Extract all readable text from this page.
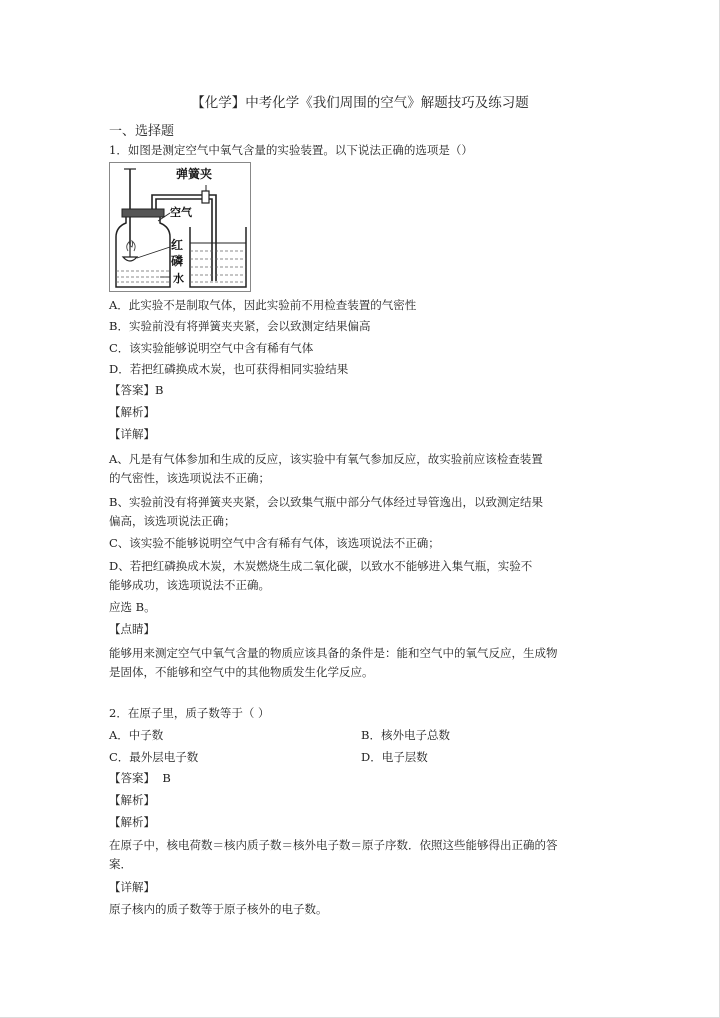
【化学】中考化学《我们周围的空气》解题技巧及练习题
一、选择题
1．如图是测定空气中氧气含量的实验装置。以下说法正确的选项是（）
弹簧夹
空气
红
磷
水
A．此实验不是制取气体，因此实验前不用检查装置的气密性
B．实验前没有将弹簧夹夹紧，会以致测定结果偏高
C．该实验能够说明空气中含有稀有气体
D．若把红磷换成木炭，也可获得相同实验结果
【答案】B
【解析】
【详解】
A、凡是有气体参加和生成的反应，该实验中有氧气参加反应，故实验前应该检查装置
的气密性，该选项说法不正确；
B、实验前没有将弹簧夹夹紧，会以致集气瓶中部分气体经过导管逸出，以致测定结果
偏高，该选项说法正确；
C、该实验不能够说明空气中含有稀有气体，该选项说法不正确；
D、若把红磷换成木炭，木炭燃烧生成二氧化碳，以致水不能够进入集气瓶，实验不
能够成功，该选项说法不正确。
应选 B。
【点睛】
能够用来测定空气中氧气含量的物质应该具备的条件是：能和空气中的氧气反应，生成物
是固体，不能够和空气中的其他物质发生化学反应。
2．在原子里，质子数等于（ ）
A．中子数	B．核外电子总数
C．最外层电子数	D．电子层数
【答案】 B
【解析】
【解析】
在原子中，核电荷数＝核内质子数＝核外电子数＝原子序数．依照这些能够得出正确的答
案．
【详解】
原子核内的质子数等于原子核外的电子数。
